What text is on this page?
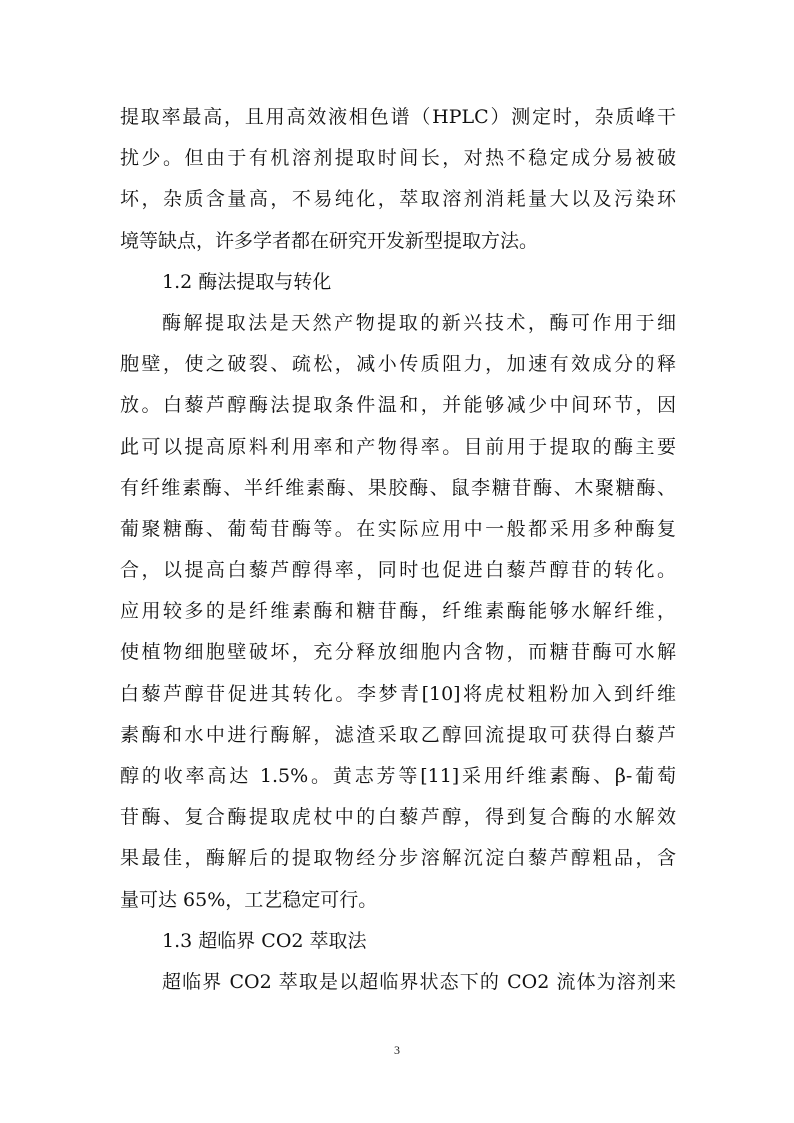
提取率最高，且用高效液相色谱（HPLC）测定时，杂质峰干
扰少。但由于有机溶剂提取时间长，对热不稳定成分易被破
坏，杂质含量高，不易纯化，萃取溶剂消耗量大以及污染环
境等缺点，许多学者都在研究开发新型提取方法。
1.2 酶法提取与转化
酶解提取法是天然产物提取的新兴技术，酶可作用于细
胞壁，使之破裂、疏松，减小传质阻力，加速有效成分的释
放。白藜芦醇酶法提取条件温和，并能够减少中间环节，因
此可以提高原料利用率和产物得率。目前用于提取的酶主要
有纤维素酶、半纤维素酶、果胶酶、鼠李糖苷酶、木聚糖酶、
葡聚糖酶、葡萄苷酶等。在实际应用中一般都采用多种酶复
合，以提高白藜芦醇得率，同时也促进白藜芦醇苷的转化。
应用较多的是纤维素酶和糖苷酶，纤维素酶能够水解纤维，
使植物细胞壁破坏，充分释放细胞内含物，而糖苷酶可水解
白藜芦醇苷促进其转化。李梦青[10]将虎杖粗粉加入到纤维
素酶和水中进行酶解，滤渣采取乙醇回流提取可获得白藜芦
醇的收率高达 1.5%。黄志芳等[11]采用纤维素酶、β-葡萄
苷酶、复合酶提取虎杖中的白藜芦醇，得到复合酶的水解效
果最佳，酶解后的提取物经分步溶解沉淀白藜芦醇粗品，含
量可达 65%，工艺稳定可行。
1.3 超临界 CO2 萃取法
超临界 CO2 萃取是以超临界状态下的 CO2 流体为溶剂来
3
